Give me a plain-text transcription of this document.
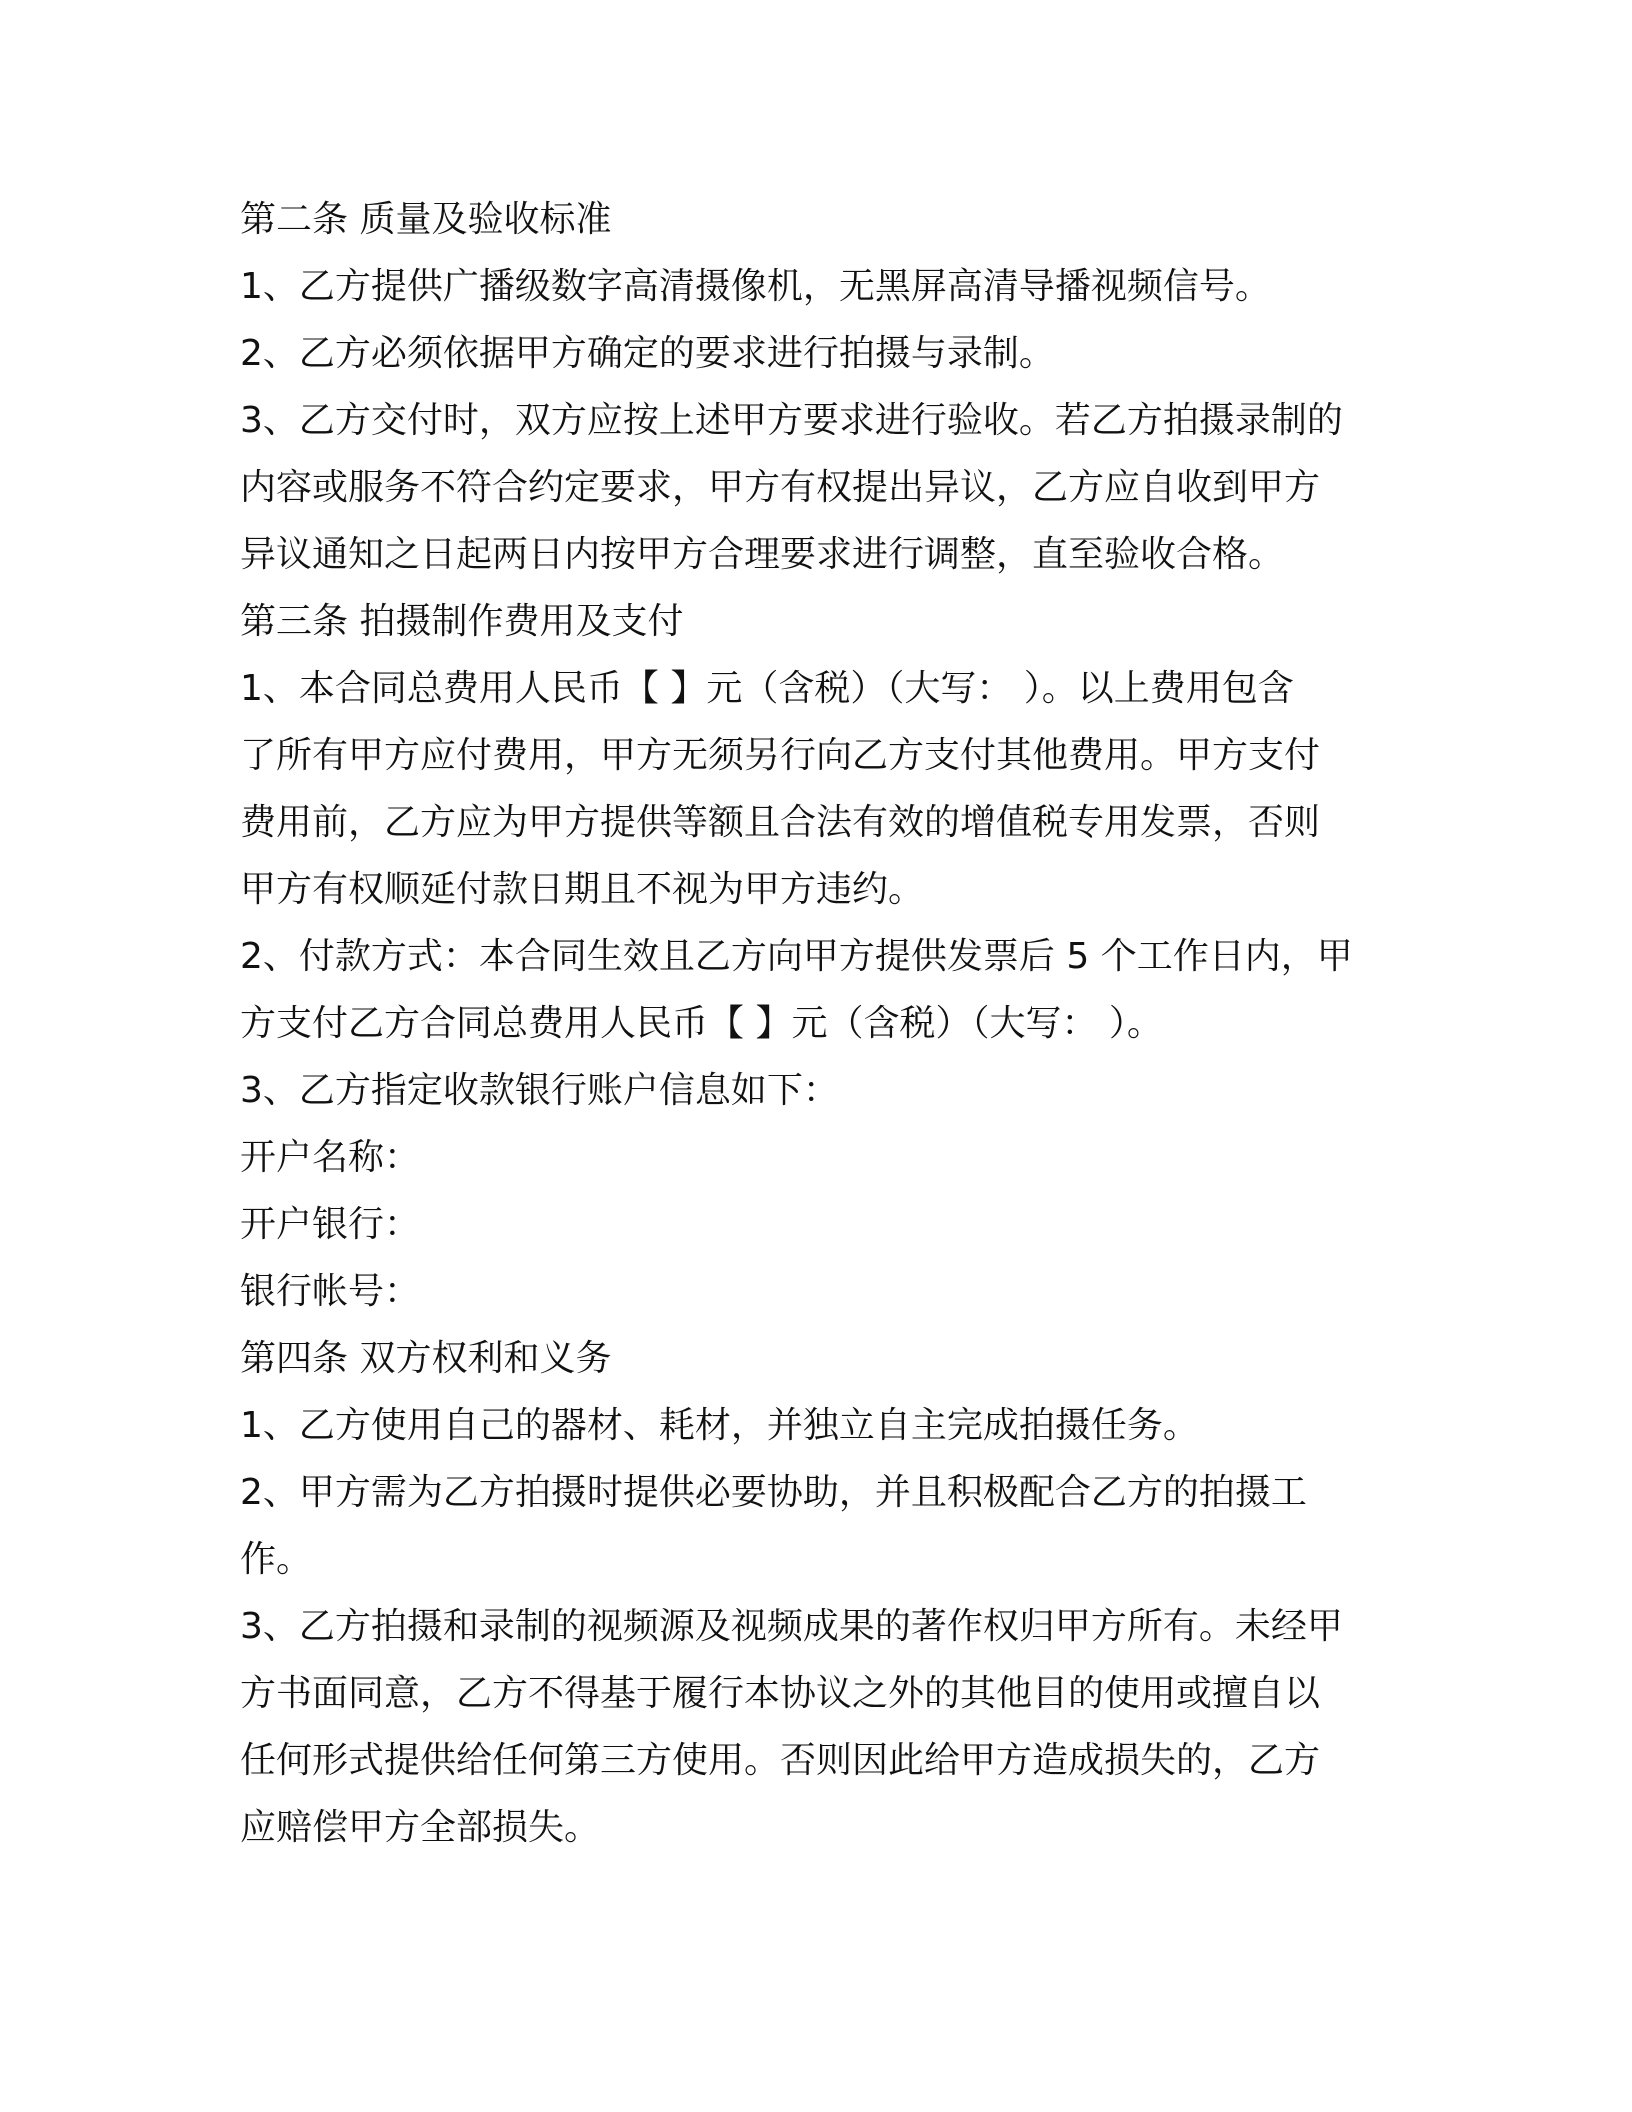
第二条 质量及验收标准

1、乙方提供广播级数字高清摄像机，无黑屏高清导播视频信号。

2、乙方必须依据甲方确定的要求进行拍摄与录制。

3、乙方交付时，双方应按上述甲方要求进行验收。若乙方拍摄录制的

内容或服务不符合约定要求，甲方有权提出异议，乙方应自收到甲方

异议通知之日起两日内按甲方合理要求进行调整，直至验收合格。

第三条 拍摄制作费用及支付

1、本合同总费用人民币【 】元（含税）（大写： ）。以上费用包含

了所有甲方应付费用，甲方无须另行向乙方支付其他费用。甲方支付

费用前，乙方应为甲方提供等额且合法有效的增值税专用发票，否则

甲方有权顺延付款日期且不视为甲方违约。

2、付款方式：本合同生效且乙方向甲方提供发票后 5 个工作日内，甲

方支付乙方合同总费用人民币【 】元（含税）（大写： ）。

3、乙方指定收款银行账户信息如下：

开户名称：

开户银行：

银行帐号：

第四条 双方权利和义务

1、乙方使用自己的器材、耗材，并独立自主完成拍摄任务。

2、甲方需为乙方拍摄时提供必要协助，并且积极配合乙方的拍摄工

作。

3、乙方拍摄和录制的视频源及视频成果的著作权归甲方所有。未经甲

方书面同意，乙方不得基于履行本协议之外的其他目的使用或擅自以

任何形式提供给任何第三方使用。否则因此给甲方造成损失的，乙方

应赔偿甲方全部损失。
